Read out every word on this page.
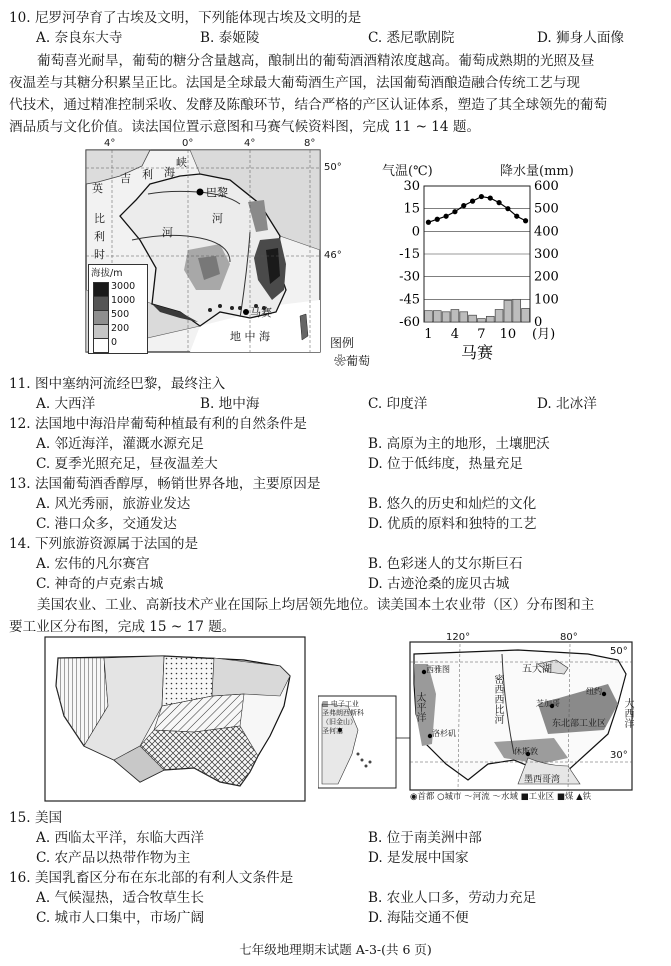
10. 尼罗河孕育了古埃及文明，下列能体现古埃及文明的是
A. 奈良东大寺	B. 泰姬陵	C. 悉尼歌剧院	D. 狮身人面像
葡萄喜光耐旱，葡萄的糖分含量越高，酿制出的葡萄酒酒精浓度越高。葡萄成熟期的光照及昼
夜温差与其糖分积累呈正比。法国是全球最大葡萄酒生产国，法国葡萄酒酿造融合传统工艺与现
代技术，通过精准控制采收、发酵及陈酿环节，结合严格的产区认证体系，塑造了其全球领先的葡萄
酒品质与文化价值。读法国位置示意图和马赛气候资料图，完成 11 ~ 14 题。
4°	0°	4°	8°
50°
46°
英
吉 利 海
峡
比
利
时
巴黎
马赛
地 中 海
河
河
海拔/m
3000
1000
500
200
0	图例
❀葡萄
气温(℃)	降水量(mm)
30	600
15	500
0	400
-15	300
-30	200
-45	100
-60	0
1 4 7 10 (月)
马赛
11. 图中塞纳河流经巴黎，最终注入
A. 大西洋	B. 地中海	C. 印度洋	D. 北冰洋
12. 法国地中海沿岸葡萄种植最有利的自然条件是
A. 邻近海洋，灌溉水源充足	B. 高原为主的地形，土壤肥沃
C. 夏季光照充足，昼夜温差大	D. 位于低纬度，热量充足
13. 法国葡萄酒香醇厚，畅销世界各地，主要原因是
A. 风光秀丽，旅游业发达	B. 悠久的历史和灿烂的文化
C. 港口众多，交通发达	D. 优质的原料和独特的工艺
14. 下列旅游资源属于法国的是
A. 宏伟的凡尔赛宫	B. 色彩迷人的艾尔斯巨石
C. 神奇的卢克索古城	D. 古迹沧桑的庞贝古城
美国农业、工业、高新技术产业在国际上均居领先地位。读美国本土农业带（区）分布图和主
要工业区分布图，完成 15 ~ 17 题。
120°	80°
50°
30°
密西西比河
五大湖
东北部工业区
墨西哥湾
太平洋
大西洋
西雅图
芝加哥
纽约
洛杉矶
休斯敦
▥ 电子工业
圣弗朗西斯科
（旧金山）
圣何塞
◉首都 ○城市 ～河流 ～水域 ■工业区 ■煤 ▲铁
15. 美国
A. 西临太平洋，东临大西洋	B. 位于南美洲中部
C. 农产品以热带作物为主	D. 是发展中国家
16. 美国乳畜区分布在东北部的有利人文条件是
A. 气候湿热，适合牧草生长	B. 农业人口多，劳动力充足
C. 城市人口集中，市场广阔	D. 海陆交通不便
七年级地理期末试题 A-3-(共 6 页)
